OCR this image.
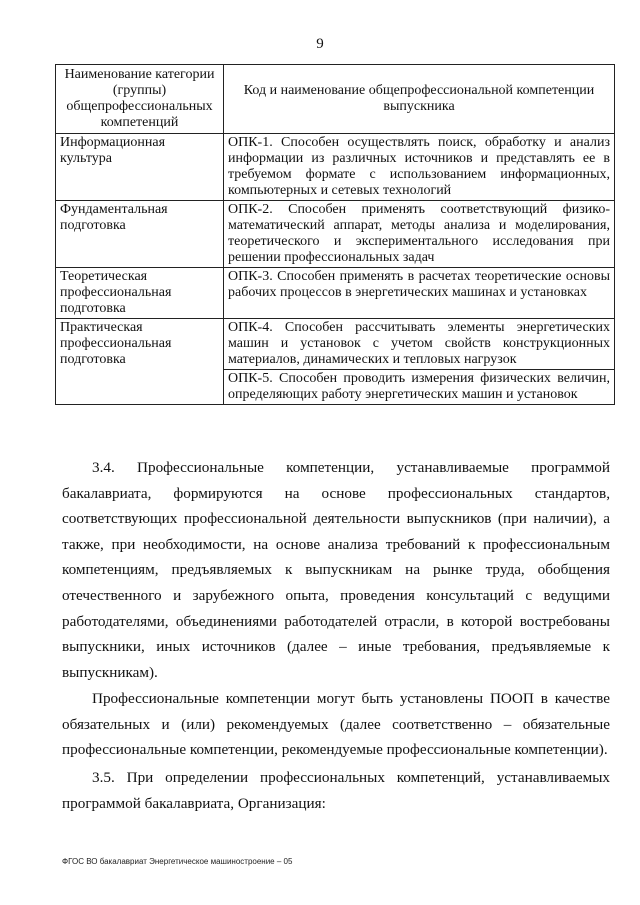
9
Наименование категории (группы) общепрофессиональных компетенций	Код и наименование общепрофессиональной компетенции выпускника
Информационная культура	ОПК-1. Способен осуществлять поиск, обработку и анализ информации из различных источников и представлять ее в требуемом формате с использованием информационных, компьютерных и сетевых технологий
Фундаментальная подготовка	ОПК-2. Способен применять соответствующий физико-математический аппарат, методы анализа и моделирования, теоретического и экспериментального исследования при решении профессиональных задач
Теоретическая профессиональная подготовка	ОПК-3. Способен применять в расчетах теоретические основы рабочих процессов в энергетических машинах и установках
Практическая профессиональная подготовка	ОПК-4. Способен рассчитывать элементы энергетических машин и установок с учетом свойств конструкционных материалов, динамических и тепловых нагрузок
	ОПК-5. Способен проводить измерения физических величин, определяющих работу энергетических машин и установок

3.4. Профессиональные компетенции, устанавливаемые программой бакалавриата, формируются на основе профессиональных стандартов, соответствующих профессиональной деятельности выпускников (при наличии), а также, при необходимости, на основе анализа требований к профессиональным компетенциям, предъявляемых к выпускникам на рынке труда, обобщения отечественного и зарубежного опыта, проведения консультаций с ведущими работодателями, объединениями работодателей отрасли, в которой востребованы выпускники, иных источников (далее – иные требования, предъявляемые к выпускникам).

Профессиональные компетенции могут быть установлены ПООП в качестве обязательных и (или) рекомендуемых (далее соответственно – обязательные профессиональные компетенции, рекомендуемые профессиональные компетенции).

3.5. При определении профессиональных компетенций, устанавливаемых программой бакалавриата, Организация:

ФГОС ВО бакалавриат Энергетическое машиностроение – 05
